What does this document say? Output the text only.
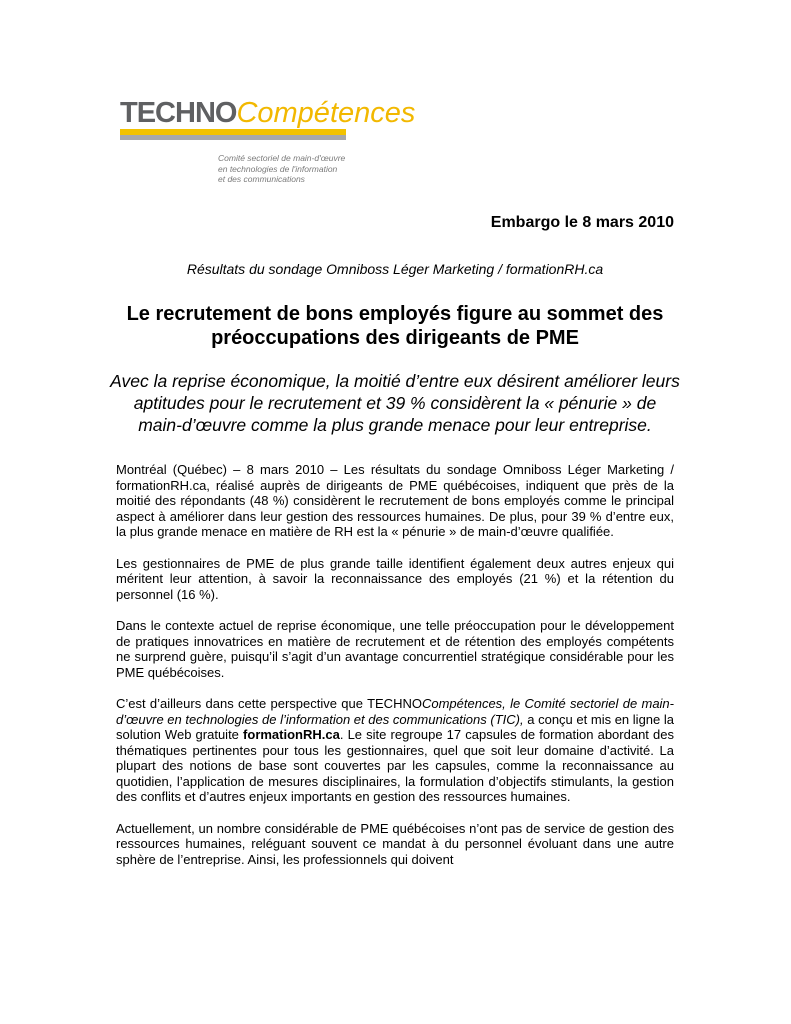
TECHNOCompétences
Comité sectoriel de main-d'œuvre
en technologies de l'information
et des communications
Embargo le 8 mars 2010
Résultats du sondage Omniboss Léger Marketing / formationRH.ca
Le recrutement de bons employés figure au sommet des préoccupations des dirigeants de PME
Avec la reprise économique, la moitié d’entre eux désirent améliorer leurs aptitudes pour le recrutement et 39 % considèrent la « pénurie » de main-d’œuvre comme la plus grande menace pour leur entreprise.

Montréal (Québec) – 8 mars 2010 – Les résultats du sondage Omniboss Léger Marketing / formationRH.ca, réalisé auprès de dirigeants de PME québécoises, indiquent que près de la moitié des répondants (48 %) considèrent le recrutement de bons employés comme le principal aspect à améliorer dans leur gestion des ressources humaines. De plus, pour 39 % d’entre eux, la plus grande menace en matière de RH est la « pénurie » de main-d’œuvre qualifiée.

Les gestionnaires de PME de plus grande taille identifient également deux autres enjeux qui méritent leur attention, à savoir la reconnaissance des employés (21 %) et la rétention du personnel (16 %).

Dans le contexte actuel de reprise économique, une telle préoccupation pour le développement de pratiques innovatrices en matière de recrutement et de rétention des employés compétents ne surprend guère, puisqu’il s’agit d’un avantage concurrentiel stratégique considérable pour les PME québécoises.

C’est d’ailleurs dans cette perspective que TECHNOCompétences, le Comité sectoriel de main-d’œuvre en technologies de l’information et des communications (TIC), a conçu et mis en ligne la solution Web gratuite formationRH.ca. Le site regroupe 17 capsules de formation abordant des thématiques pertinentes pour tous les gestionnaires, quel que soit leur domaine d’activité. La plupart des notions de base sont couvertes par les capsules, comme la reconnaissance au quotidien, l’application de mesures disciplinaires, la formulation d’objectifs stimulants, la gestion des conflits et d’autres enjeux importants en gestion des ressources humaines.

Actuellement, un nombre considérable de PME québécoises n’ont pas de service de gestion des ressources humaines, reléguant souvent ce mandat à du personnel évoluant dans une autre sphère de l’entreprise. Ainsi, les professionnels qui doivent
